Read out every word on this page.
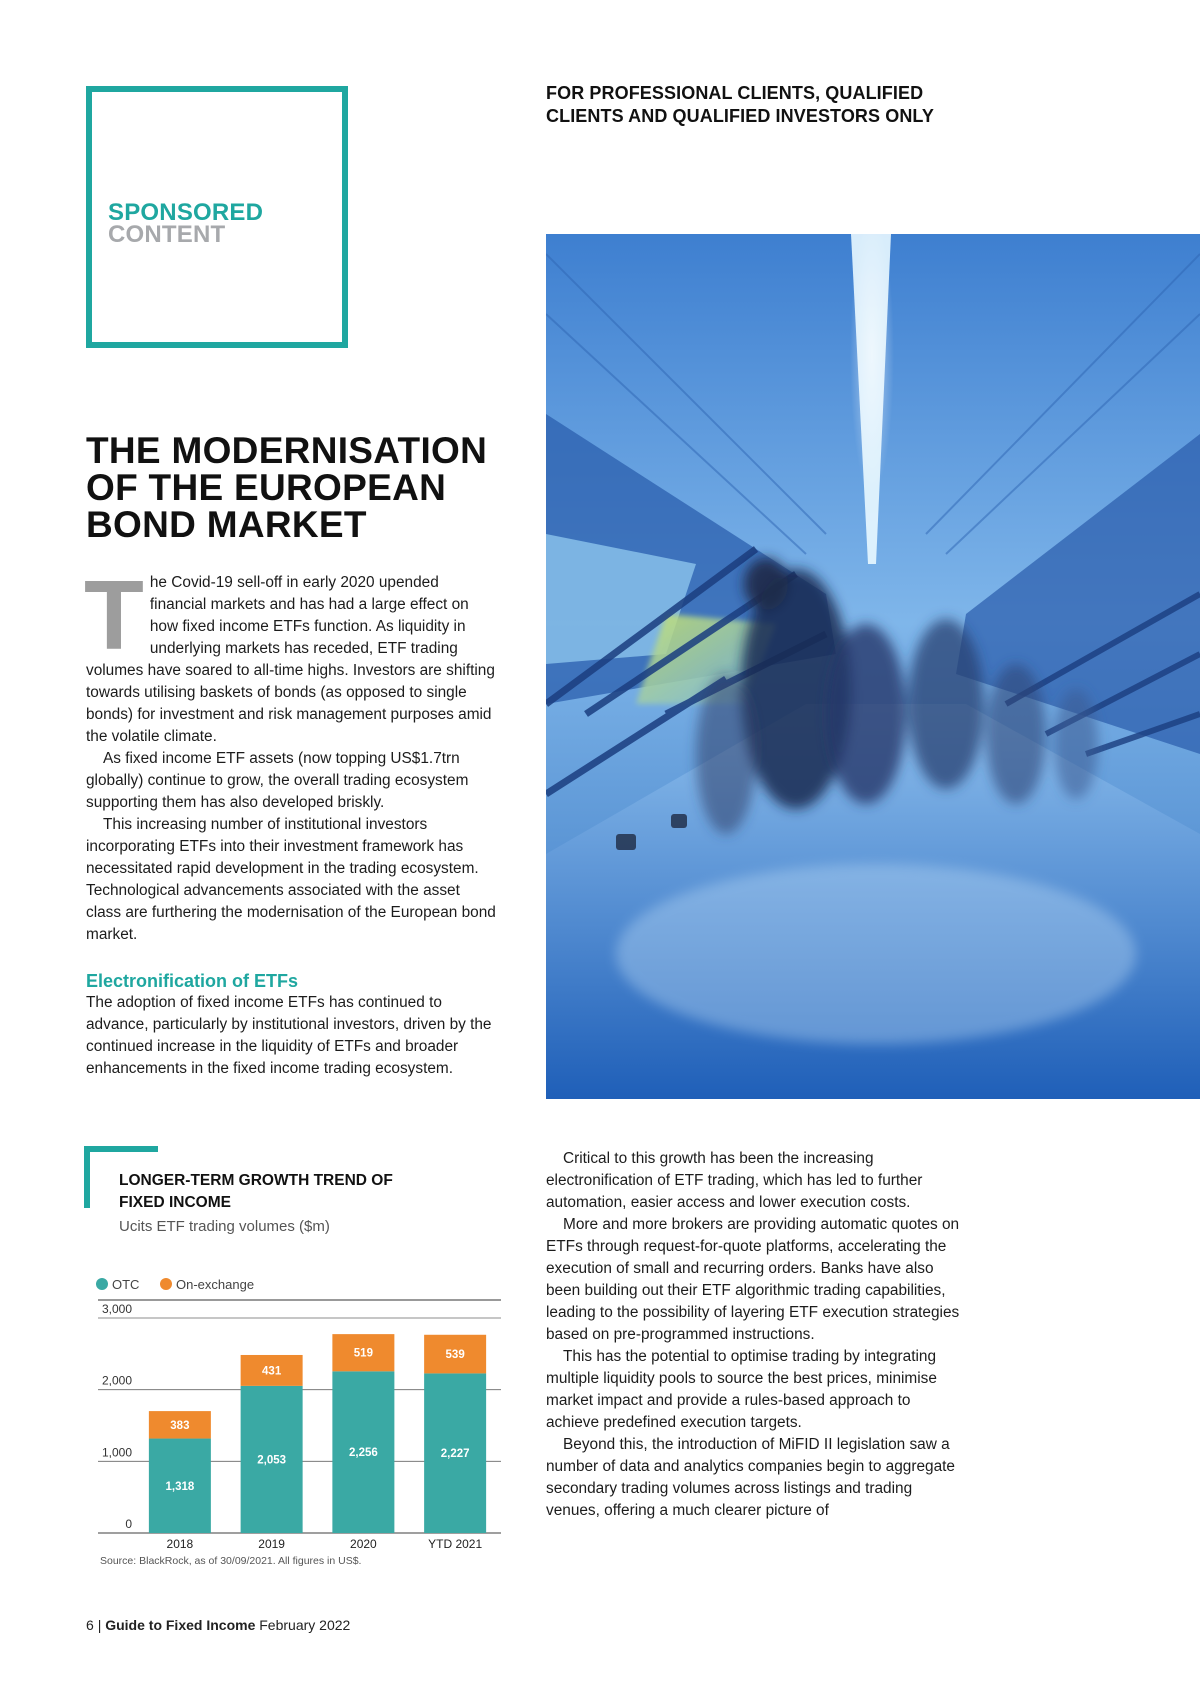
SPONSORED
CONTENT
FOR PROFESSIONAL CLIENTS, QUALIFIED CLIENTS AND QUALIFIED INVESTORS ONLY
THE MODERNISATION OF THE EUROPEAN BOND MARKET

The Covid-19 sell-off in early 2020 upended financial markets and has had a large effect on how fixed income ETFs function. As liquidity in underlying markets has receded, ETF trading volumes have soared to all-time highs. Investors are shifting towards utilising baskets of bonds (as opposed to single bonds) for investment and risk management purposes amid the volatile climate.

As fixed income ETF assets (now topping US$1.7trn globally) continue to grow, the overall trading ecosystem supporting them has also developed briskly.

This increasing number of institutional investors incorporating ETFs into their investment framework has necessitated rapid development in the trading ecosystem. Technological advancements associated with the asset class are furthering the modernisation of the European bond market.

Electronification of ETFs

The adoption of fixed income ETFs has continued to advance, particularly by institutional investors, driven by the continued increase in the liquidity of ETFs and broader enhancements in the fixed income trading ecosystem.

Critical to this growth has been the increasing electronification of ETF trading, which has led to further automation, easier access and lower execution costs.

More and more brokers are providing automatic quotes on ETFs through request-for-quote platforms, accelerating the execution of small and recurring orders. Banks have also been building out their ETF algorithmic trading capabilities, leading to the possibility of layering ETF execution strategies based on pre-programmed instructions.

This has the potential to optimise trading by integrating multiple liquidity pools to source the best prices, minimise market impact and provide a rules-based approach to achieve predefined execution targets.

Beyond this, the introduction of MiFID II legislation saw a number of data and analytics companies begin to aggregate secondary trading volumes across listings and trading venues, offering a much clearer picture of

LONGER-TERM GROWTH TREND OF FIXED INCOME
Ucits ETF trading volumes ($m)
OTC	On-exchange
0
1,000
2,000
3,000
1,318
383
2018
2,053
431
2019
2,256
519
2020
2,227
539
YTD 2021
Source: BlackRock, as of 30/09/2021. All figures in US$.
6 | Guide to Fixed Income February 2022
